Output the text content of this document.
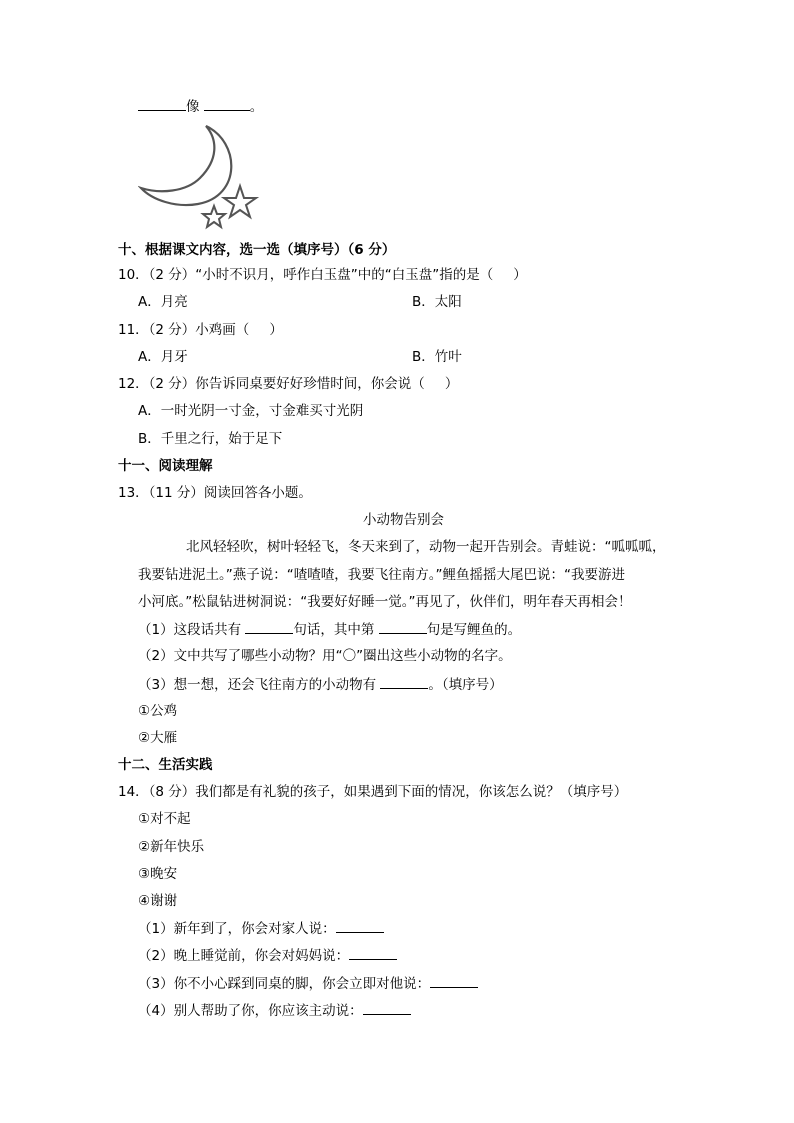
像	。
十、根据课文内容，选一选（填序号）（6 分）
10．（2 分）“小时不识月，呼作白玉盘”中的“白玉盘”指的是（ ）
A．月亮	B．太阳
11．（2 分）小鸡画（ ）
A．月牙	B．竹叶
12．（2 分）你告诉同桌要好好珍惜时间，你会说（ ）
A．一时光阴一寸金，寸金难买寸光阴
B．千里之行，始于足下
十一、阅读理解
13．（11 分）阅读回答各小题。
小动物告别会
北风轻轻吹，树叶轻轻飞，冬天来到了，动物一起开告别会。青蛙说：“呱呱呱，
我要钻进泥土。”燕子说：“喳喳喳，我要飞往南方。”鲤鱼摇摇大尾巴说：“我要游进
小河底。”松鼠钻进树洞说：“我要好好睡一觉。”再见了，伙伴们，明年春天再相会！
（1）这段话共有	句话，其中第	句是写鲤鱼的。
（2）文中共写了哪些小动物？用“〇”圈出这些小动物的名字。
（3）想一想，还会飞往南方的小动物有	。（填序号）
①公鸡
②大雁
十二、生活实践
14．（8 分）我们都是有礼貌的孩子，如果遇到下面的情况，你该怎么说？（填序号）
①对不起
②新年快乐
③晚安
④谢谢
（1）新年到了，你会对家人说：
（2）晚上睡觉前，你会对妈妈说：
（3）你不小心踩到同桌的脚，你会立即对他说：
（4）别人帮助了你，你应该主动说：
